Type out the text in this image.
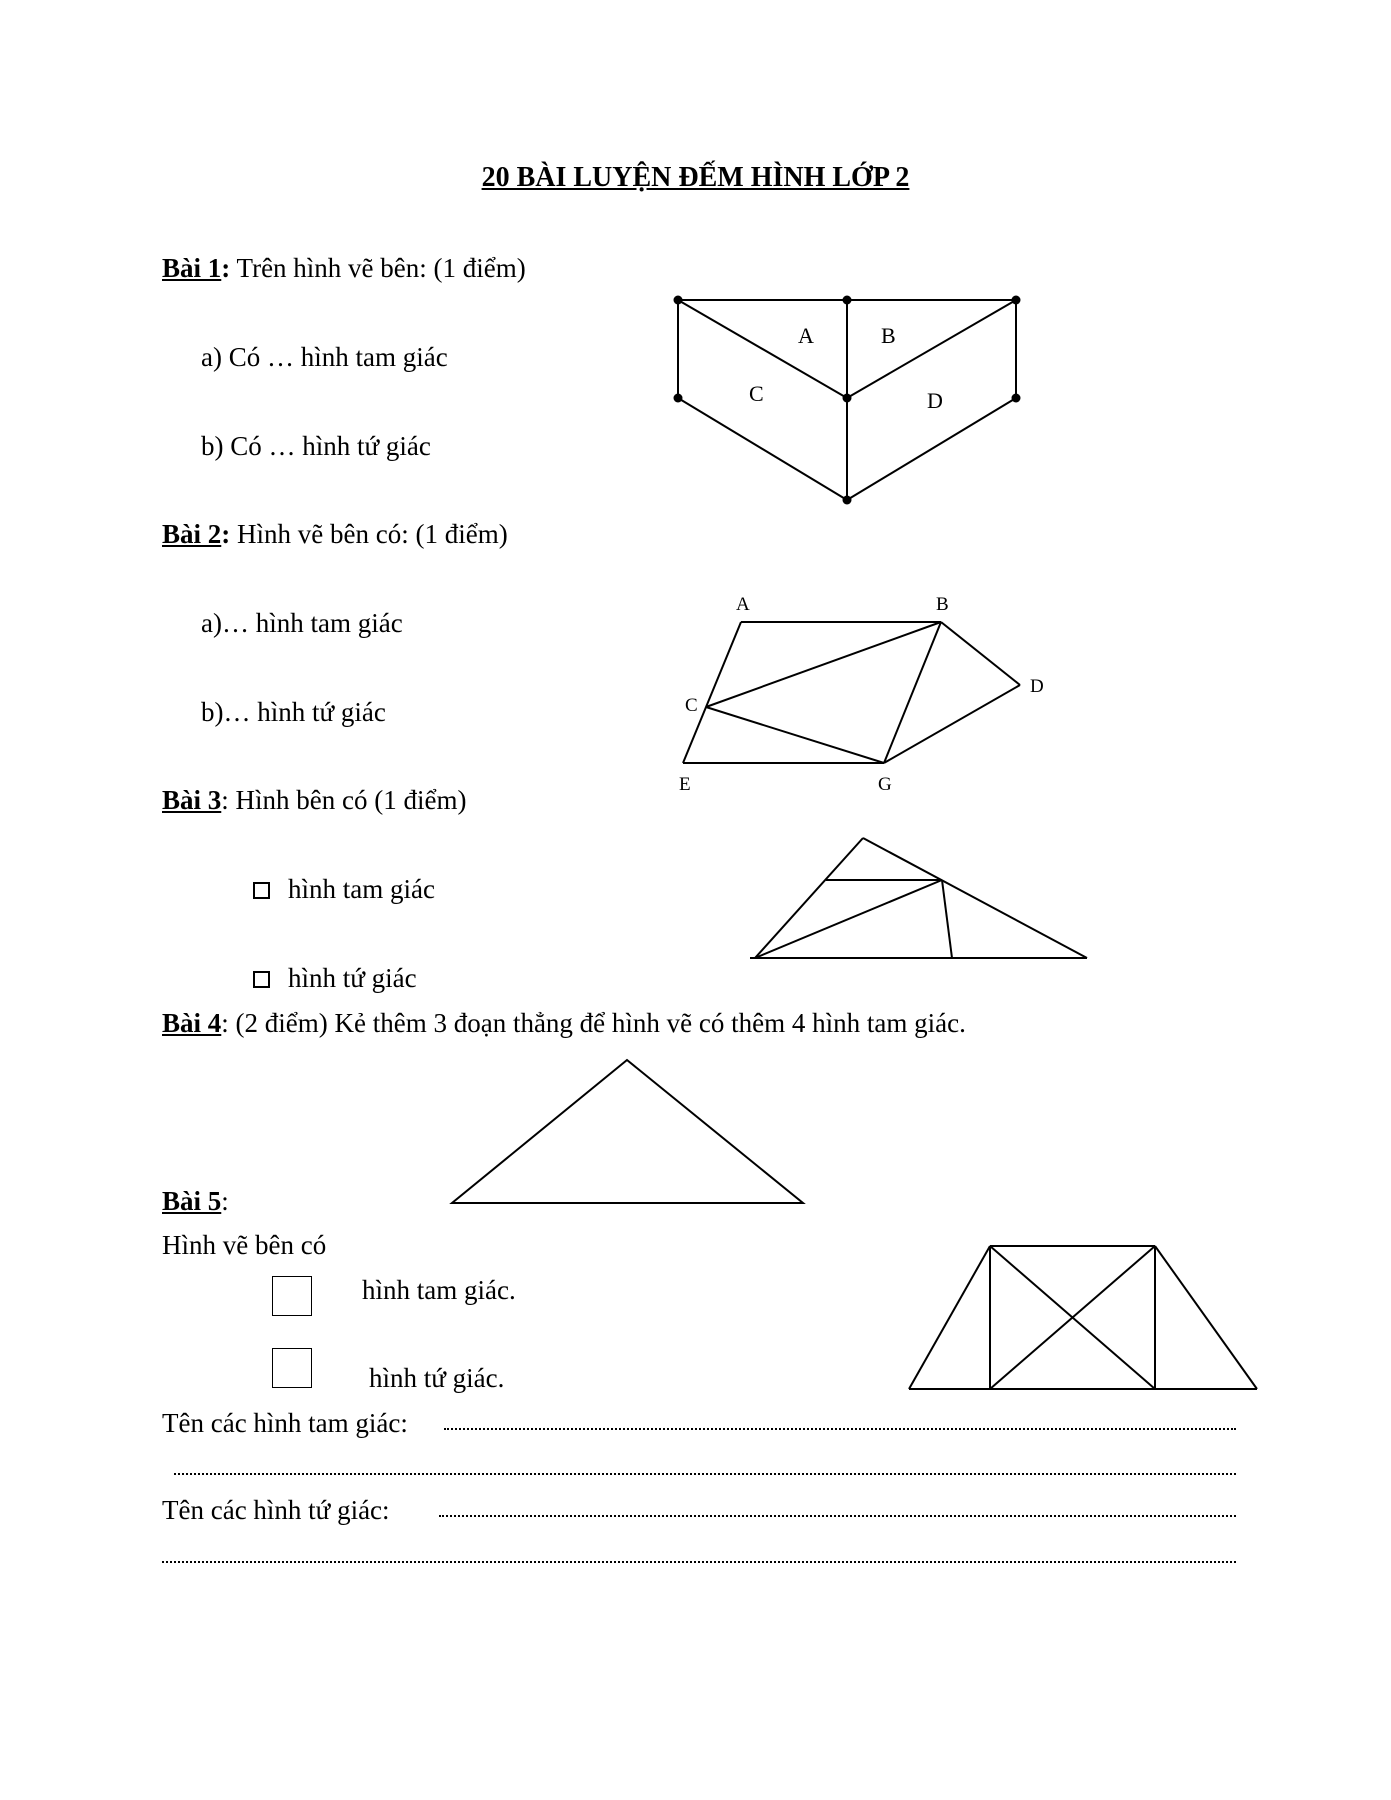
20 BÀI LUYỆN ĐẾM HÌNH LỚP 2
Bài 1: Trên hình vẽ bên: (1 điểm)
a) Có … hình tam giác
b) Có … hình tứ giác
Bài 2: Hình vẽ bên có: (1 điểm)
a)… hình tam giác
b)… hình tứ giác
Bài 3: Hình bên có (1 điểm)
hình tam giác
hình tứ giác
Bài 4: (2 điểm) Kẻ thêm 3 đoạn thẳng để hình vẽ có thêm 4 hình tam giác.
Bài 5:
Hình vẽ bên có
hình tam giác.
hình tứ giác.
Tên các hình tam giác:
Tên các hình tứ giác:
A	B
C	D
A	B
C
D
E	G
